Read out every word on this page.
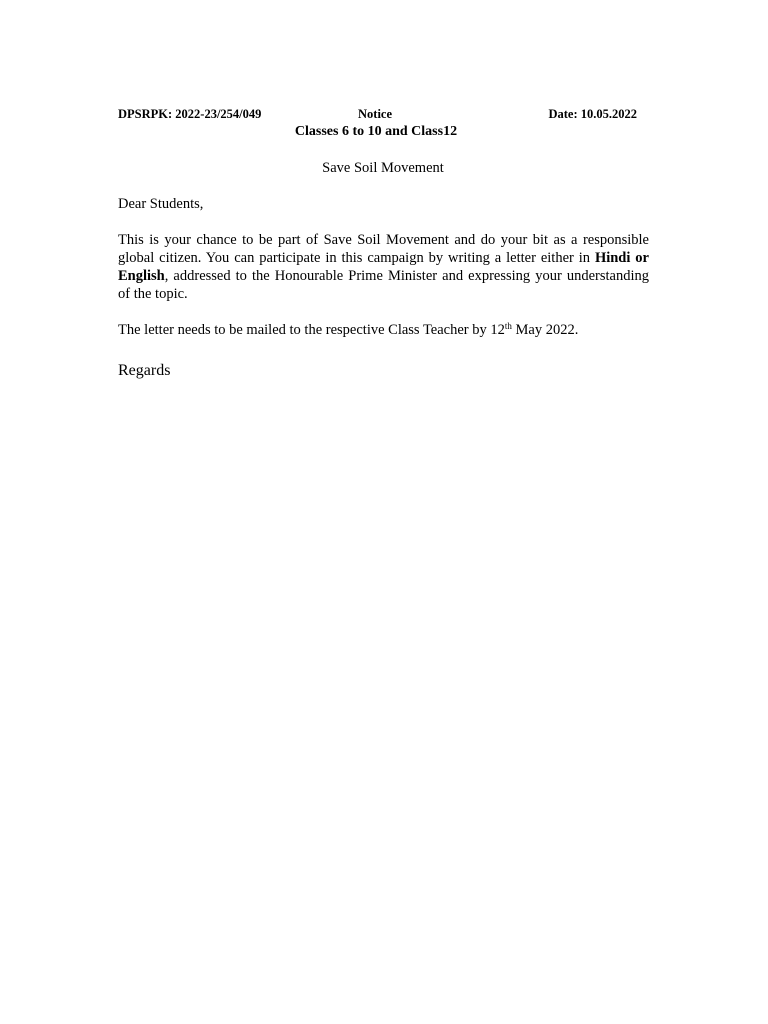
DPSRPK: 2022-23/254/049	Notice	Date: 10.05.2022
Classes 6 to 10 and Class12
Save Soil Movement
Dear Students,
This is your chance to be part of Save Soil Movement and do your bit as a responsible global citizen. You can participate in this campaign by writing a letter either in Hindi or English, addressed to the Honourable Prime Minister and expressing your understanding of the topic.
The letter needs to be mailed to the respective Class Teacher by 12th May 2022.
Regards
